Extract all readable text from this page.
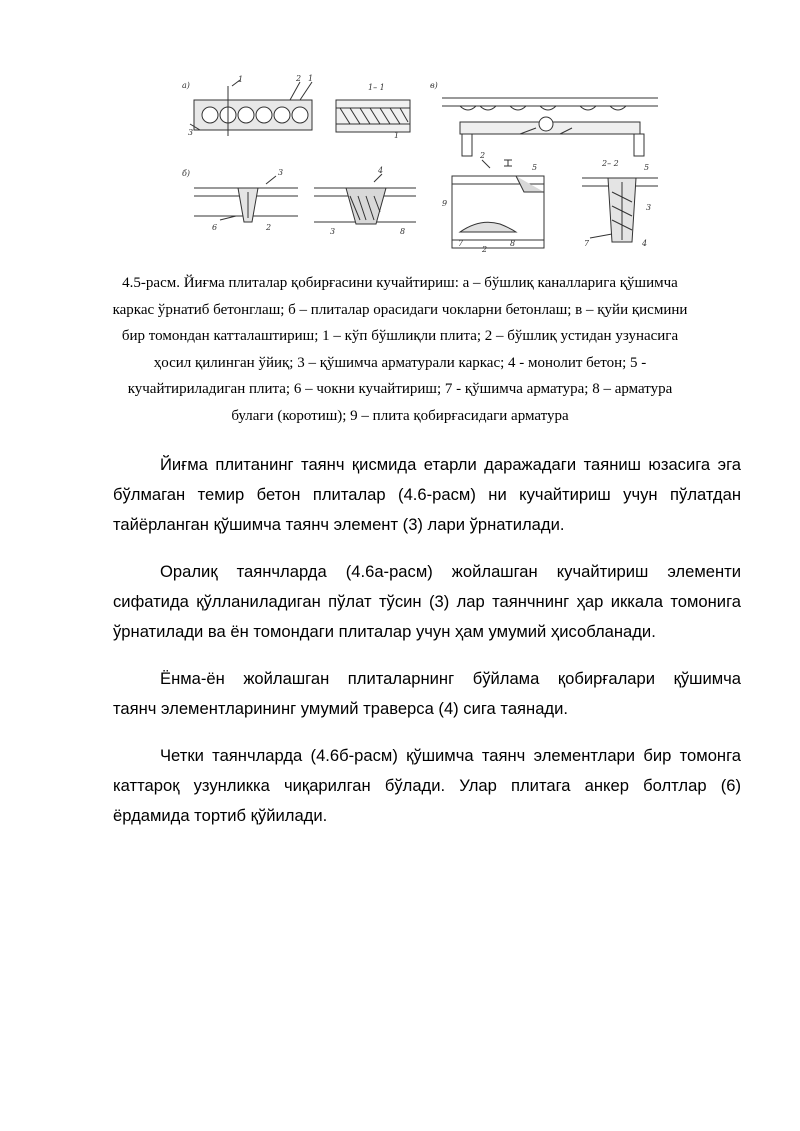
а)
1	2 1
3
1– 1
1
в)
б)	3
6	2
4
3	8
2
9
7	8
5
2
2– 2	5
3
7	4
4.5-расм. Йиғма плиталар қобирғасини кучайтириш: а – бўшлиқ каналларига қўшимча
каркас ўрнатиб бетонглаш; б – плиталар орасидаги чокларни бетонлаш; в – қуйи қисмини
бир томондан катталаштириш; 1 – кўп бўшлиқли плита; 2 – бўшлиқ устидан узунасига
ҳосил қилинган ўйиқ; 3 – қўшимча арматурали каркас; 4 - монолит бетон; 5 -
кучайтириладиган плита; 6 – чокни кучайтириш; 7 - қўшимча арматура; 8 – арматура
булаги (коротиш); 9 – плита қобирғасидаги арматура
Йиғма плитанинг таянч қисмида етарли даражадаги таяниш юзасига эга
бўлмаган темир бетон плиталар (4.6-расм) ни кучайтириш учун пўлатдан
тайёрланган қўшимча таянч элемент (3) лари ўрнатилади.
Оралиқ таянчларда (4.6а-расм) жойлашган кучайтириш элементи
сифатида қўлланиладиган пўлат тўсин (3) лар таянчнинг ҳар иккала томонига
ўрнатилади ва ён томондаги плиталар учун ҳам умумий ҳисобланади.
Ёнма-ён жойлашган плиталарнинг бўйлама қобирғалари қўшимча
таянч элементларининг умумий траверса (4) сига таянади.
Четки таянчларда (4.6б-расм) қўшимча таянч элементлари бир томонга
каттароқ узунликка чиқарилган бўлади. Улар плитага анкер болтлар (6)
ёрдамида тортиб қўйилади.
